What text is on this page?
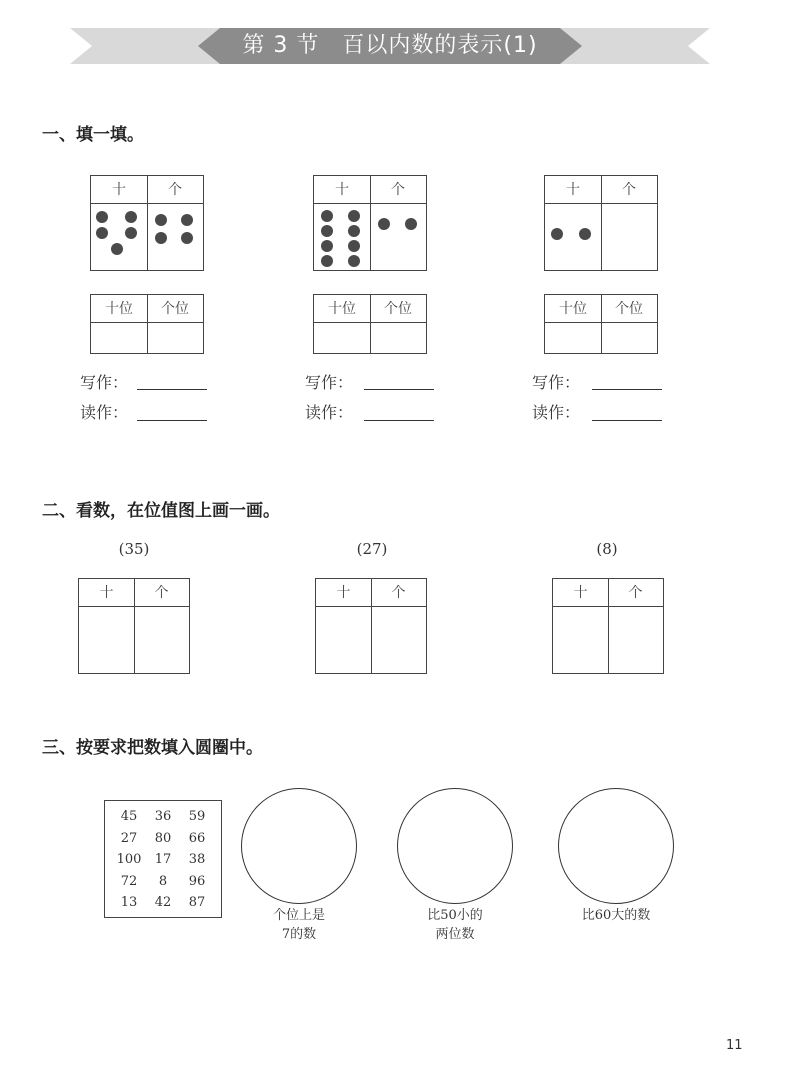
第 3 节　百以内数的表示(1)
一、填一填。
十	个
十位	个位
写作：
读作：
十	个
十位	个位
写作：
读作：
十	个
十位	个位
写作：
读作：
二、看数，在位值图上画一画。
(35)
十	个
(27)
十	个
(8)
十	个
三、按要求把数填入圆圈中。
45	36	59
27	80	66
100	17	38
72	8	96
13	42	87
个位上是
7的数
比50小的
两位数
比60大的数
11
